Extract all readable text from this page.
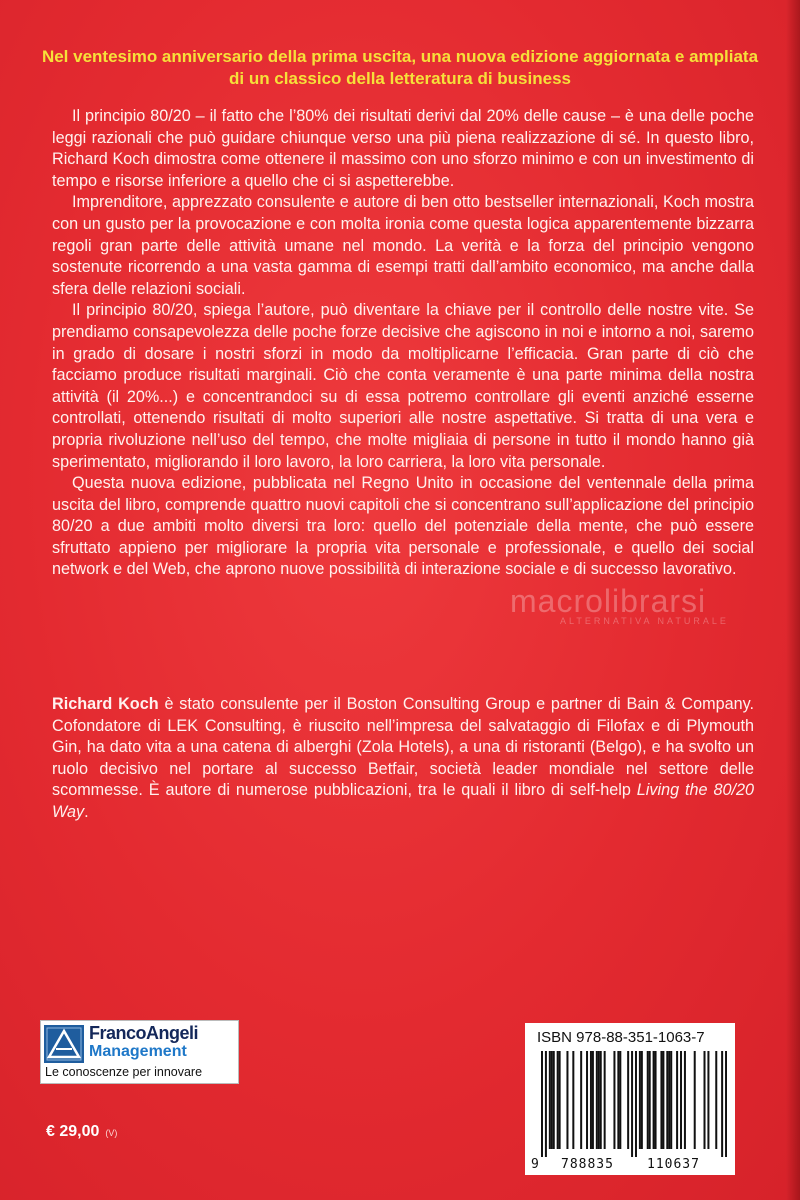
Nel ventesimo anniversario della prima uscita, una nuova edizione aggiornata e ampliata
di un classico della letteratura di business

Il principio 80/20 – il fatto che l’80% dei risultati derivi dal 20% delle cause – è una delle poche leggi razionali che può guidare chiunque verso una più piena realizzazione di sé. In questo libro, Richard Koch dimostra come ottenere il massimo con uno sforzo minimo e con un investimento di tempo e risorse inferiore a quello che ci si aspetterebbe.

Imprenditore, apprezzato consulente e autore di ben otto bestseller internazionali, Koch mostra con un gusto per la provocazione e con molta ironia come questa logica apparentemente bizzarra regoli gran parte delle attività umane nel mondo. La verità e la forza del principio vengono sostenute ricorrendo a una vasta gamma di esempi tratti dall’ambito economico, ma anche dalla sfera delle relazioni sociali.

Il principio 80/20, spiega l’autore, può diventare la chiave per il controllo delle nostre vite. Se prendiamo consapevolezza delle poche forze decisive che agiscono in noi e intorno a noi, saremo in grado di dosare i nostri sforzi in modo da moltiplicarne l’efficacia. Gran parte di ciò che facciamo produce risultati marginali. Ciò che conta veramente è una parte minima della nostra attività (il 20%...) e concentrandoci su di essa potremo controllare gli eventi anziché esserne controllati, ottenendo risultati di molto superiori alle nostre aspettative. Si tratta di una vera e propria rivoluzione nell’uso del tempo, che molte migliaia di persone in tutto il mondo hanno già sperimentato, migliorando il loro lavoro, la loro carriera, la loro vita personale.

Questa nuova edizione, pubblicata nel Regno Unito in occasione del ventennale della prima uscita del libro, comprende quattro nuovi capitoli che si concentrano sull’applicazione del principio 80/20 a due ambiti molto diversi tra loro: quello del potenziale della mente, che può essere sfruttato appieno per migliorare la propria vita personale e professionale, e quello dei social network e del Web, che aprono nuove possibilità di interazione sociale e di successo lavorativo.

macrolibrarsi
ALTERNATIVA NATURALE

Richard Koch è stato consulente per il Boston Consulting Group e partner di Bain & Company. Cofondatore di LEK Consulting, è riuscito nell’impresa del salvataggio di Filofax e di Plymouth Gin, ha dato vita a una catena di alberghi (Zola Hotels), a una di ristoranti (Belgo), e ha svolto un ruolo decisivo nel portare al successo Betfair, società leader mondiale nel settore delle scommesse. È autore di numerose pubblicazioni, tra le quali il libro di self-help Living the 80/20 Way.

FrancoAngeli
Management
Le conoscenze per innovare
€ 29,00 (V)
ISBN 978-88-351-1063-7
9 788835	110637
